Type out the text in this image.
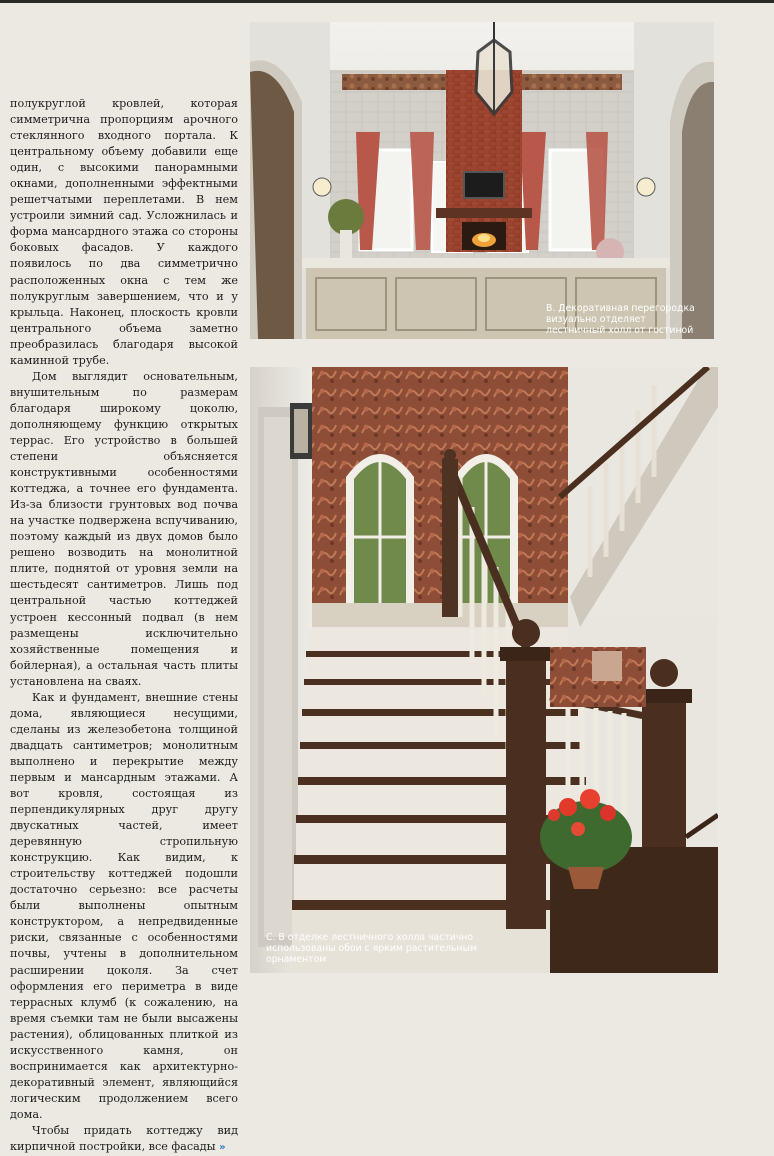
полукруглой кровлей, которая симметрична пропорциям арочного стеклянного входного портала. К центральному объему добавили еще один, с высокими панорамными окнами, дополненными эффектными решетчатыми переплетами. В нем устроили зимний сад. Усложнилась и форма мансардного этажа со стороны боковых фасадов. У каждого появилось по два симметрично расположенных окна с тем же полукруглым завершением, что и у крыльца. Наконец, плоскость кровли центрального объема заметно преобразилась благодаря высокой каминной трубе.

Дом выглядит основательным, внушительным по размерам благодаря широкому цоколю, дополняющему функцию открытых террас. Его устройство в большей степени объясняется конструктивными особенностями коттеджа, а точнее его фундамента. Из-за близости грунтовых вод почва на участке подвержена вспучиванию, поэтому каждый из двух домов было решено возводить на монолитной плите, поднятой от уровня земли на шестьдесят сантиметров. Лишь под центральной частью коттеджей устроен кессонный подвал (в нем размещены исключительно хозяйственные помещения и бойлерная), а остальная часть плиты установлена на сваях.

Как и фундамент, внешние стены дома, являющиеся несущими, сделаны из железобетона толщиной двадцать сантиметров; монолитным выполнено и перекрытие между первым и мансардным этажами. А вот кровля, состоящая из перпендикулярных друг другу двускатных частей, имеет деревянную стропильную конструкцию. Как видим, к строительству коттеджей подошли достаточно серьезно: все расчеты были выполнены опытным конструктором, а непредвиденные риски, связанные с особенностями почвы, учтены в дополнительном расширении цоколя. За счет оформления его периметра в виде террасных клумб (к сожалению, на время съемки там не были высажены растения), облицованных плиткой из искусственного камня, он воспринимается как архитектурно-декоративный элемент, являющийся логическим продолжением всего дома.

Чтобы придать коттеджу вид кирпичной постройки, все фасады »

B. Декоративная перегородка визуально отделяет лестничный холл от гостиной
C. В отделке лестничного холла частично использованы обои с ярким растительным орнаментом
